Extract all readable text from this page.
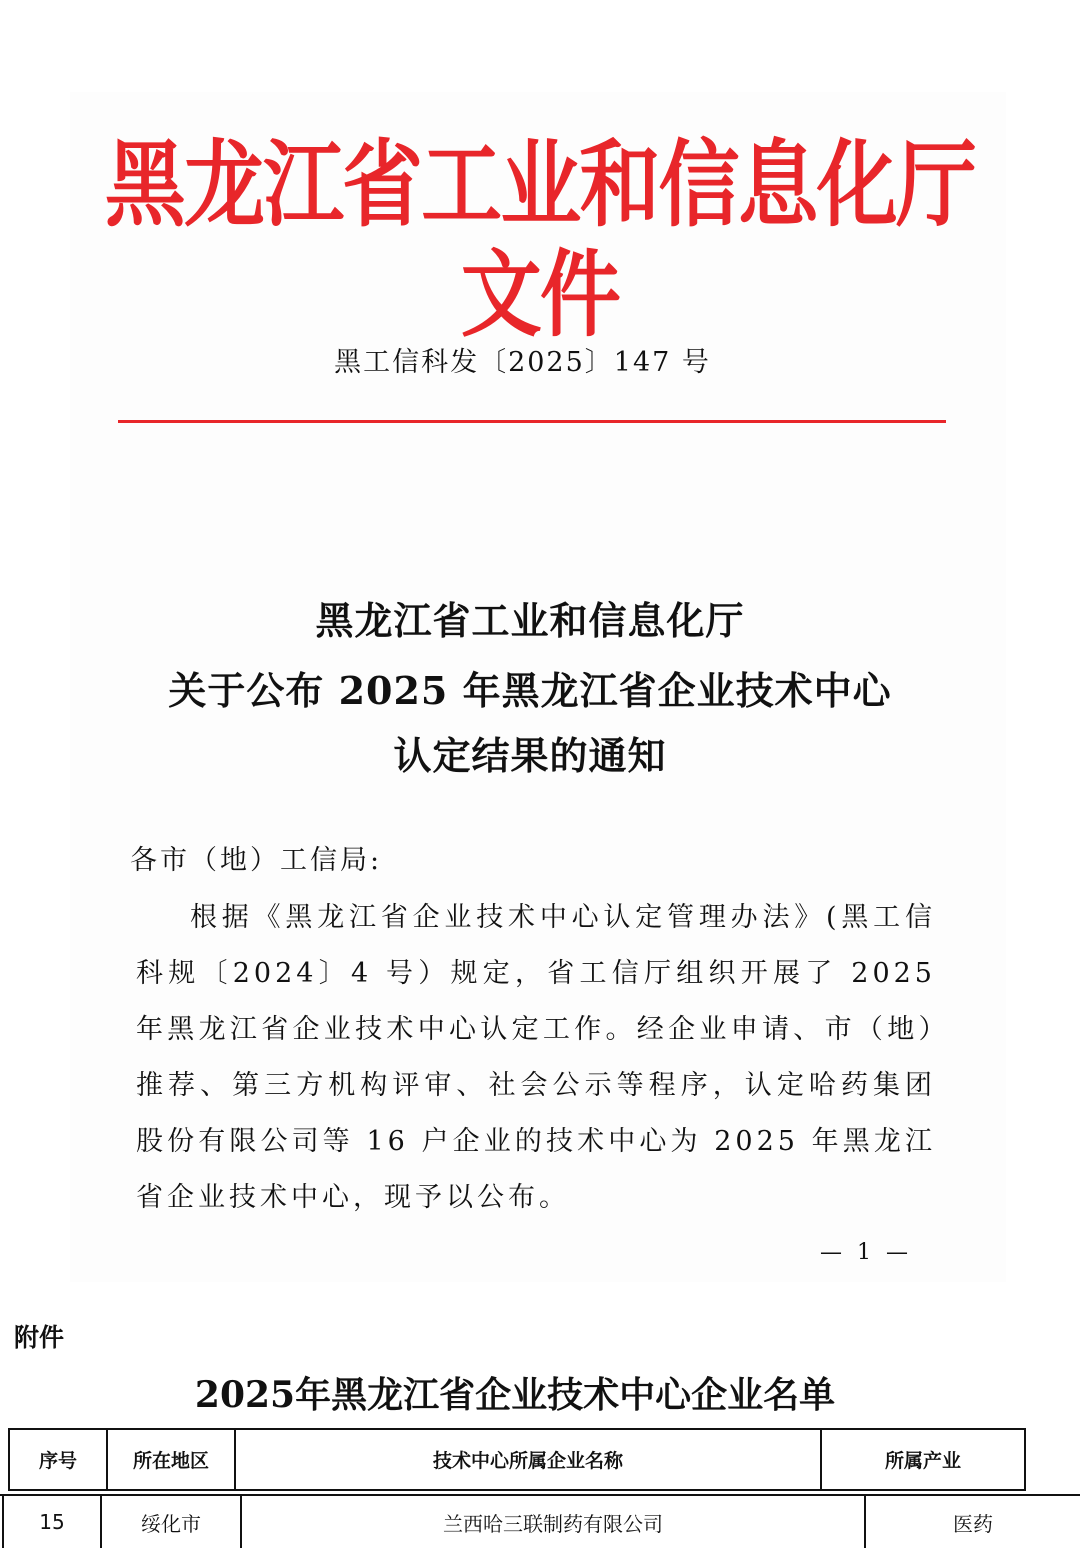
黑龙江省工业和信息化厅文件
黑工信科发〔2025〕147 号
黑龙江省工业和信息化厅
关于公布 2025 年黑龙江省企业技术中心
认定结果的通知
各市（地）工信局:
根据《黑龙江省企业技术中心认定管理办法》(黑工信科规〔2024〕4 号）规定，省工信厅组织开展了 2025 年黑龙江省企业技术中心认定工作。经企业申请、市（地）推荐、第三方机构评审、社会公示等程序，认定哈药集团股份有限公司等 16 户企业的技术中心为 2025 年黑龙江省企业技术中心，现予以公布。
— 1 —
附件
2025年黑龙江省企业技术中心企业名单
序号	所在地区	技术中心所属企业名称	所属产业
15	绥化市	兰西哈三联制药有限公司	医药
